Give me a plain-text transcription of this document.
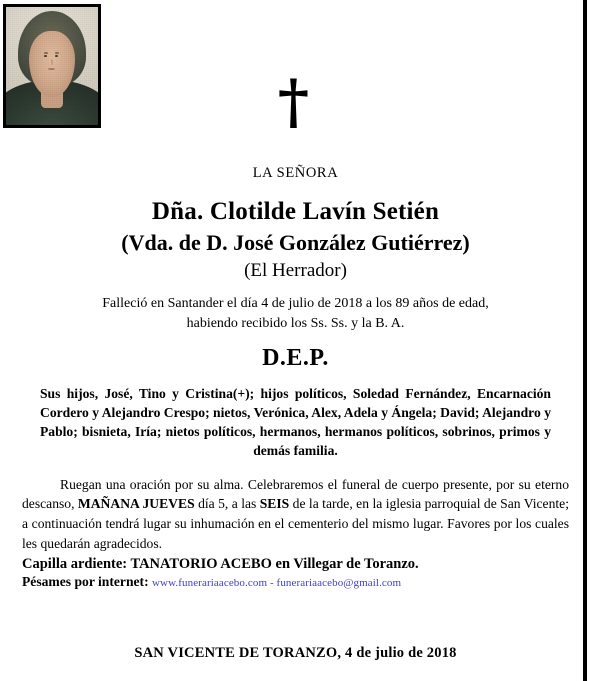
†

LA SEÑORA

Dña. Clotilde Lavín Setién

(Vda. de D. José González Gutiérrez)

(El Herrador)

Falleció en Santander el día 4 de julio de 2018 a los 89 años de edad,
habiendo recibido los Ss. Ss. y la B. A.

D.E.P.

Sus hijos, José, Tino y Cristina(+); hijos políticos, Soledad Fernández, Encarnación Cordero y Alejandro Crespo; nietos, Verónica, Alex, Adela y Ángela; David; Alejandro y Pablo; bisnieta, Iría; nietos políticos, hermanos, hermanos políticos, sobrinos, primos y demás familia.

Ruegan una oración por su alma. Celebraremos el funeral de cuerpo presente, por su eterno descanso, MAÑANA JUEVES día 5, a las SEIS de la tarde, en la iglesia parroquial de San Vicente; a continuación tendrá lugar su inhumación en el cementerio del mismo lugar. Favores por los cuales les quedarán agradecidos.

Capilla ardiente: TANATORIO ACEBO en Villegar de Toranzo.

Pésames por internet: www.funerariaacebo.com - funerariaacebo@gmail.com

SAN VICENTE DE TORANZO, 4 de julio de 2018
